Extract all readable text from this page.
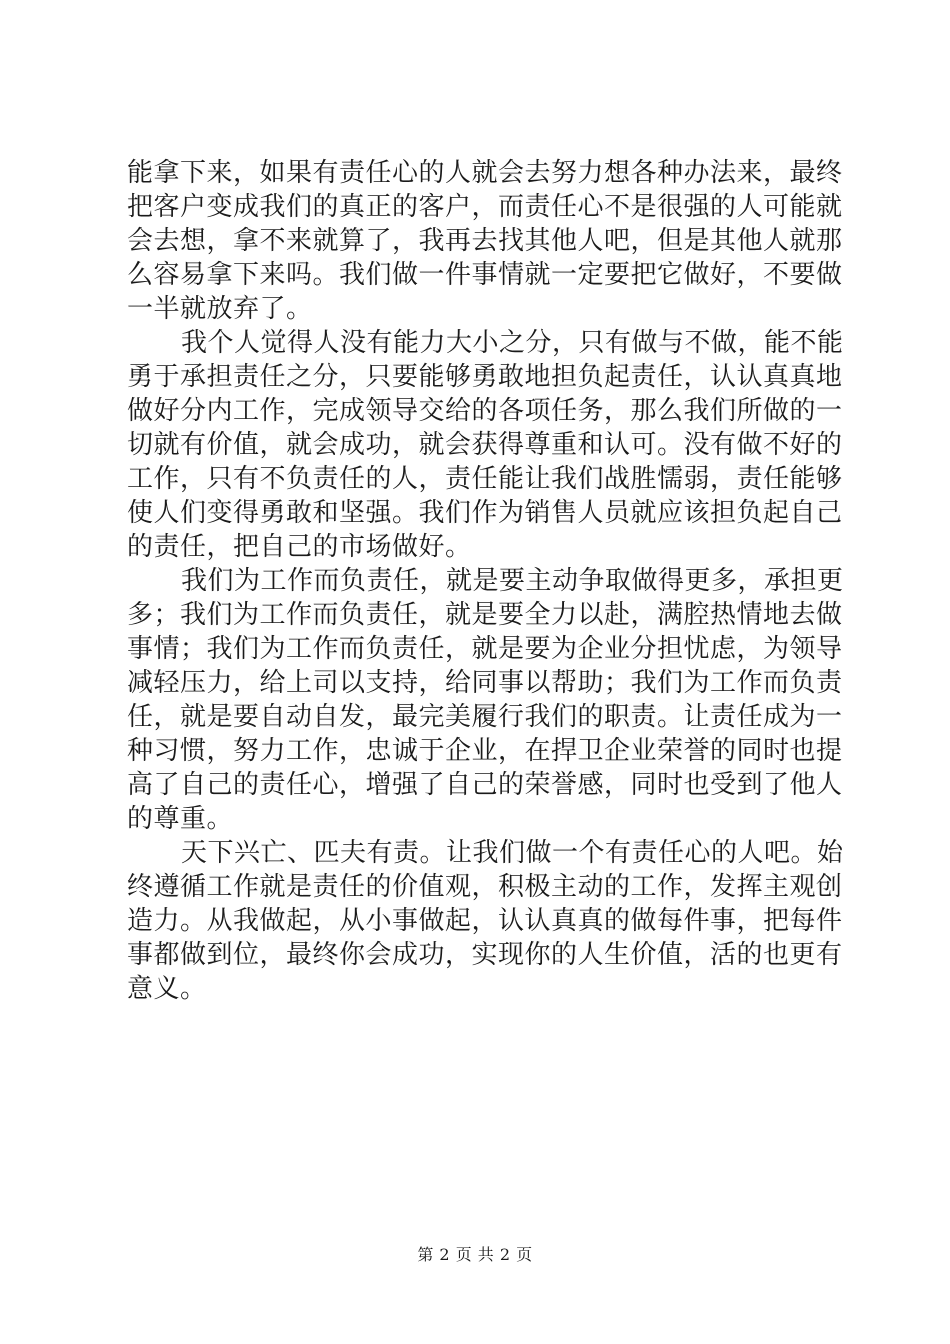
能拿下来，如果有责任心的人就会去努力想各种办法来，最终
把客户变成我们的真正的客户，而责任心不是很强的人可能就
会去想，拿不来就算了，我再去找其他人吧，但是其他人就那
么容易拿下来吗。我们做一件事情就一定要把它做好，不要做
一半就放弃了。
我个人觉得人没有能力大小之分，只有做与不做，能不能
勇于承担责任之分，只要能够勇敢地担负起责任，认认真真地
做好分内工作，完成领导交给的各项任务，那么我们所做的一
切就有价值，就会成功，就会获得尊重和认可。没有做不好的
工作，只有不负责任的人，责任能让我们战胜懦弱，责任能够
使人们变得勇敢和坚强。我们作为销售人员就应该担负起自己
的责任，把自己的市场做好。
我们为工作而负责任，就是要主动争取做得更多，承担更
多；我们为工作而负责任，就是要全力以赴，满腔热情地去做
事情；我们为工作而负责任，就是要为企业分担忧虑，为领导
减轻压力，给上司以支持，给同事以帮助；我们为工作而负责
任，就是要自动自发，最完美履行我们的职责。让责任成为一
种习惯，努力工作，忠诚于企业，在捍卫企业荣誉的同时也提
高了自己的责任心，增强了自己的荣誉感，同时也受到了他人
的尊重。
天下兴亡、匹夫有责。让我们做一个有责任心的人吧。始
终遵循工作就是责任的价值观，积极主动的工作，发挥主观创
造力。从我做起，从小事做起，认认真真的做每件事，把每件
事都做到位，最终你会成功，实现你的人生价值，活的也更有
意义。
第 2 页 共 2 页
